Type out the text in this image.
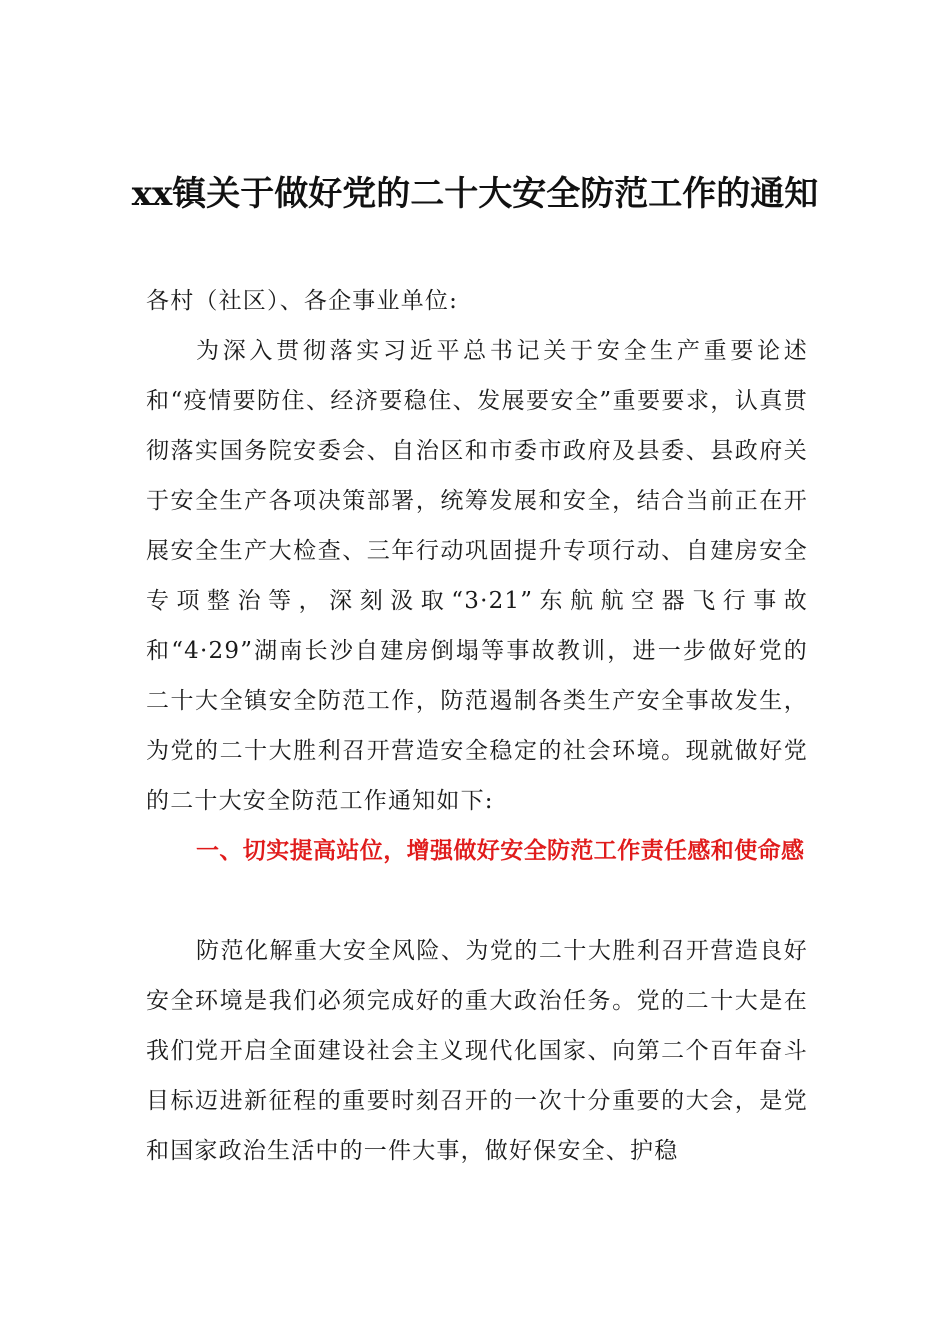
xx镇关于做好党的二十大安全防范工作的通知

各村（社区）、各企事业单位:

为深入贯彻落实习近平总书记关于安全生产重要论述和“疫情要防住、经济要稳住、发展要安全”重要要求，认真贯彻落实国务院安委会、自治区和市委市政府及县委、县政府关于安全生产各项决策部署，统筹发展和安全，结合当前正在开展安全生产大检查、三年行动巩固提升专项行动、自建房安全专项整治等，深刻汲取“3·21”东航航空器飞行事故和“4·29”湖南长沙自建房倒塌等事故教训，进一步做好党的二十大全镇安全防范工作，防范遏制各类生产安全事故发生，为党的二十大胜利召开营造安全稳定的社会环境。现就做好党的二十大安全防范工作通知如下:

一、切实提高站位，增强做好安全防范工作责任感和使命感

防范化解重大安全风险、为党的二十大胜利召开营造良好安全环境是我们必须完成好的重大政治任务。党的二十大是在我们党开启全面建设社会主义现代化国家、向第二个百年奋斗目标迈进新征程的重要时刻召开的一次十分重要的大会，是党和国家政治生活中的一件大事，做好保安全、护稳
